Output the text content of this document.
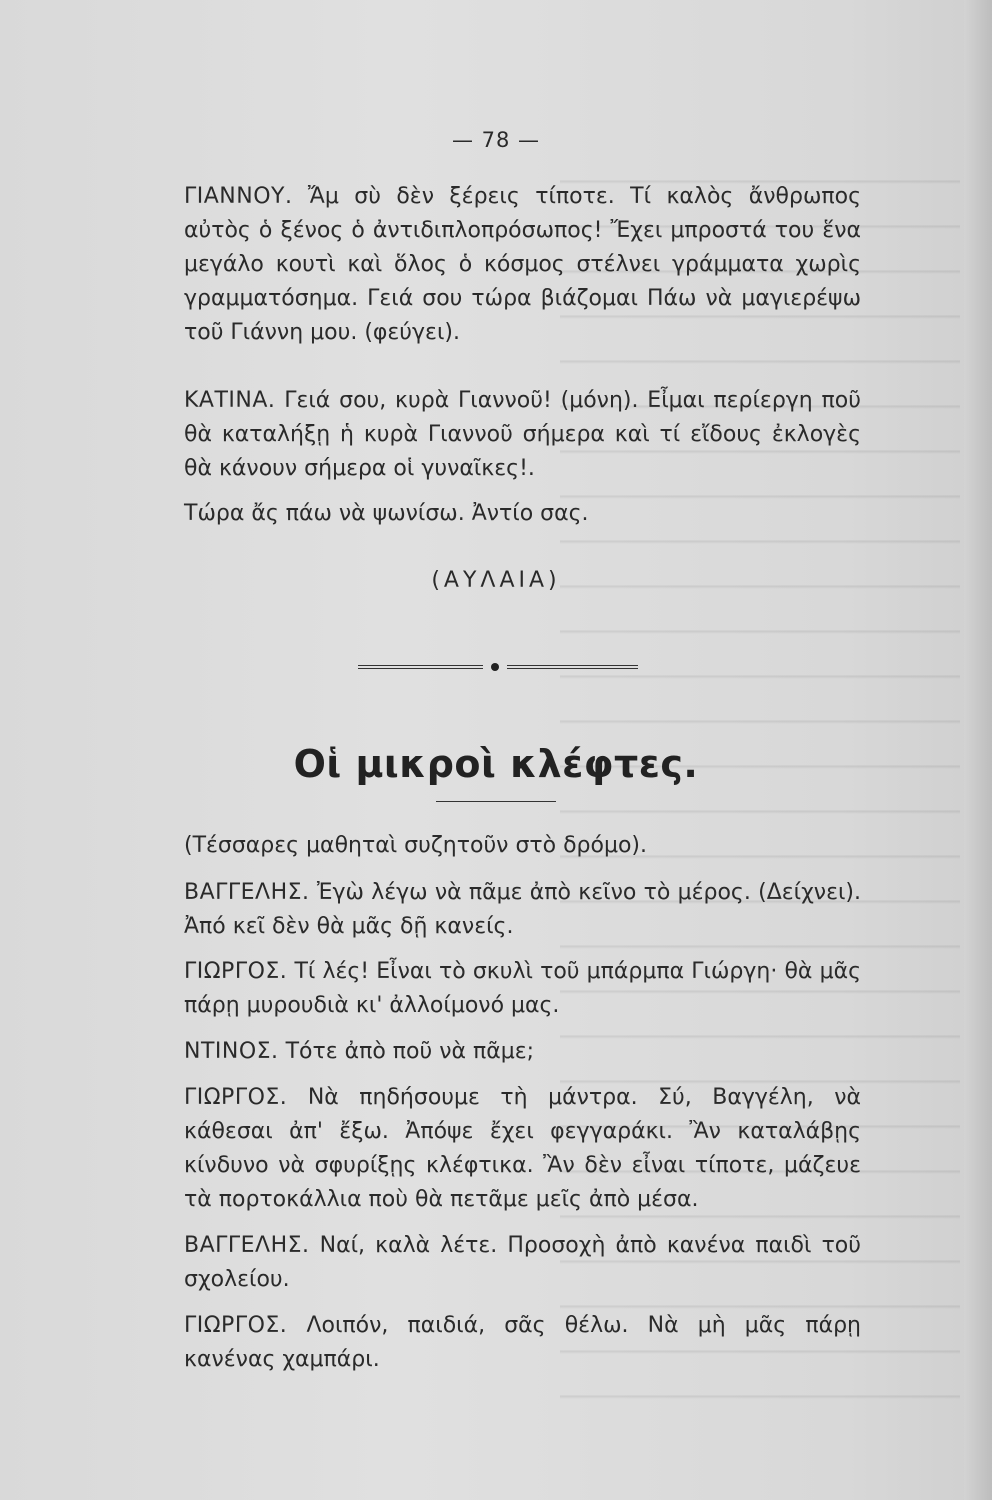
— 78 —

ΓΙΑΝΝΟΥ. Ἄμ σὺ δὲν ξέρεις τίποτε. Τί καλὸς ἄνθρωπος αὐτὸς ὁ ξένος ὁ ἀντιδιπλοπρόσωπος! Ἔχει μπροστά του ἕνα μεγάλο κουτὶ καὶ ὅλος ὁ κόσμος στέλνει γράμματα χωρὶς γραμματόσημα. Γειά σου τώρα βιάζομαι Πάω νὰ μαγιερέψω τοῦ Γιάννη μου. (φεύγει).

ΚΑΤΙΝΑ. Γειά σου, κυρὰ Γιαννοῦ! (μόνη). Εἶμαι περίεργη ποῦ θὰ καταλήξῃ ἡ κυρὰ Γιαννοῦ σήμερα καὶ τί εἴδους ἐκλογὲς θὰ κάνουν σήμερα οἱ γυναῖκες!.

Τώρα ἄς πάω νὰ ψωνίσω. Ἀντίο σας.

(ΑΥΛΑΙΑ)
Οἱ μικροὶ κλέφτες.

(Τέσσαρες μαθηταὶ συζητοῦν στὸ δρόμο).

ΒΑΓΓΕΛΗΣ. Ἐγὼ λέγω νὰ πᾶμε ἀπὸ κεῖνο τὸ μέρος. (Δείχνει). Ἀπό κεῖ δὲν θὰ μᾶς δῇ κανείς.

ΓΙΩΡΓΟΣ. Τί λές! Εἶναι τὸ σκυλὶ τοῦ μπάρμπα Γιώργη· θὰ μᾶς πάρῃ μυρουδιὰ κι' ἀλλοίμονό μας.

ΝΤΙΝΟΣ. Τότε ἀπὸ ποῦ νὰ πᾶμε;

ΓΙΩΡΓΟΣ. Νὰ πηδήσουμε τὴ μάντρα. Σύ, Βαγγέλη, νὰ κάθεσαι ἀπ' ἔξω. Ἀπόψε ἔχει φεγγαράκι. Ἂν καταλάβῃς κίνδυνο νὰ σφυρίξῃς κλέφτικα. Ἂν δὲν εἶναι τίποτε, μάζευε τὰ πορτοκάλλια ποὺ θὰ πετᾶμε μεῖς ἀπὸ μέσα.

ΒΑΓΓΕΛΗΣ. Ναί, καλὰ λέτε. Προσοχὴ ἀπὸ κανένα παιδὶ τοῦ σχολείου.

ΓΙΩΡΓΟΣ. Λοιπόν, παιδιά, σᾶς θέλω. Νὰ μὴ μᾶς πάρῃ κανένας χαμπάρι.
